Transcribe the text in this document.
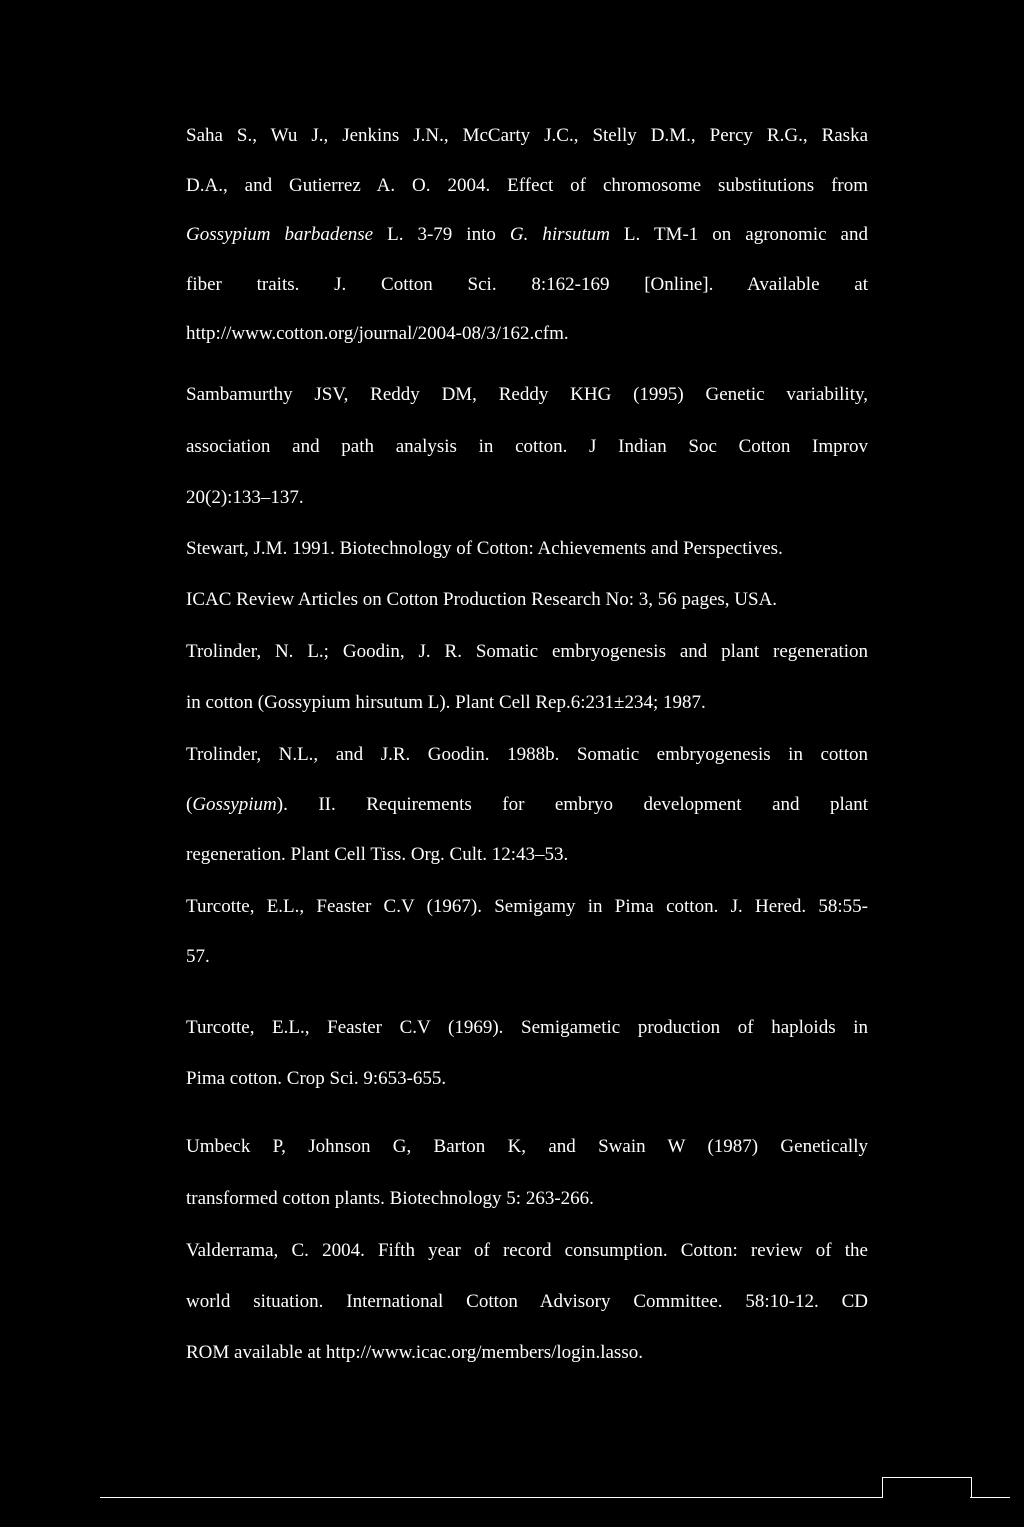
Saha S., Wu J., Jenkins J.N., McCarty J.C., Stelly D.M., Percy R.G., Raska
D.A., and Gutierrez A. O. 2004. Effect of chromosome substitutions from
Gossypium barbadense L. 3-79 into G. hirsutum L. TM-1 on agronomic and
fiber traits. J. Cotton Sci. 8:162-169 [Online]. Available at
http://www.cotton.org/journal/2004-08/3/162.cfm.
Sambamurthy JSV, Reddy DM, Reddy KHG (1995) Genetic variability,
association and path analysis in cotton. J Indian Soc Cotton Improv
20(2):133–137.
Stewart, J.M. 1991. Biotechnology of Cotton: Achievements and Perspectives.
ICAC Review Articles on Cotton Production Research No: 3, 56 pages, USA.
Trolinder, N. L.; Goodin, J. R. Somatic embryogenesis and plant regeneration
in cotton (Gossypium hirsutum L). Plant Cell Rep.6:231±234; 1987.
Trolinder, N.L., and J.R. Goodin. 1988b. Somatic embryogenesis in cotton
(Gossypium). II. Requirements for embryo development and plant
regeneration. Plant Cell Tiss. Org. Cult. 12:43–53.
Turcotte, E.L., Feaster C.V (1967). Semigamy in Pima cotton. J. Hered. 58:55-
57.
Turcotte, E.L., Feaster C.V (1969). Semigametic production of haploids in
Pima cotton. Crop Sci. 9:653-655.
Umbeck P, Johnson G, Barton K, and Swain W (1987) Genetically
transformed cotton plants. Biotechnology 5: 263-266.
Valderrama, C. 2004. Fifth year of record consumption. Cotton: review of the
world situation. International Cotton Advisory Committee. 58:10-12. CD
ROM available at http://www.icac.org/members/login.lasso.
